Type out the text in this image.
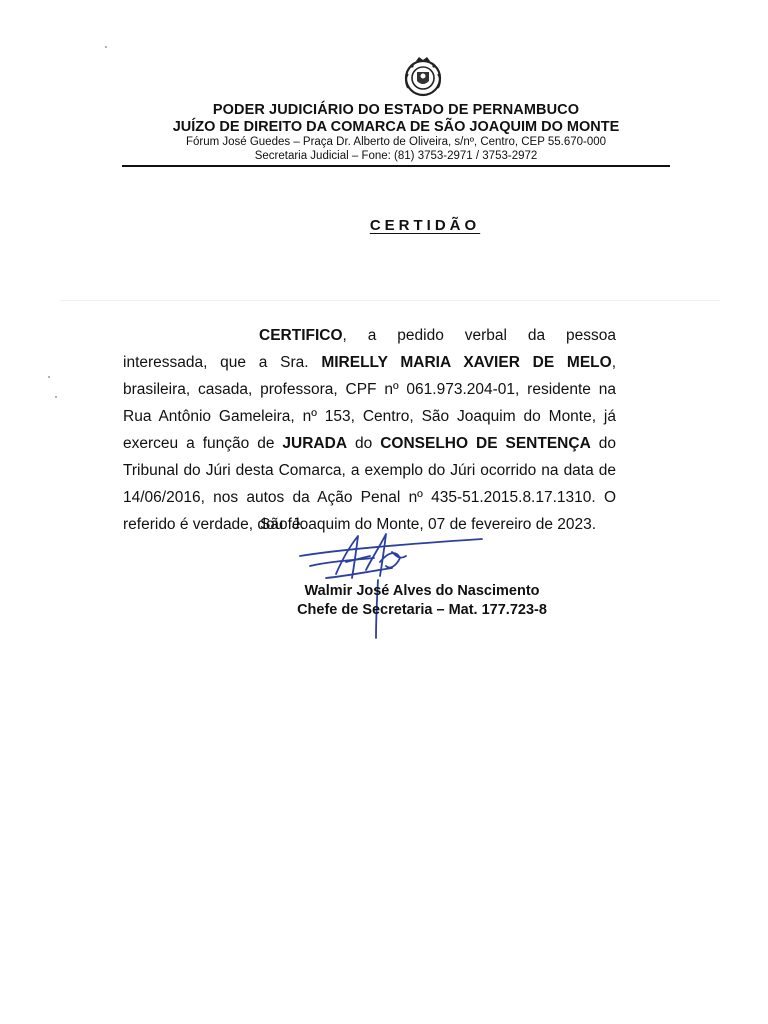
PODER JUDICIÁRIO DO ESTADO DE PERNAMBUCO
JUÍZO DE DIREITO DA COMARCA DE SÃO JOAQUIM DO MONTE
Fórum José Guedes – Praça Dr. Alberto de Oliveira, s/nº, Centro, CEP 55.670-000
Secretaria Judicial – Fone: (81) 3753-2971 / 3753-2972
CERTIDÃO
CERTIFICO, a pedido verbal da pessoa interessada, que a Sra. MIRELLY MARIA XAVIER DE MELO, brasileira, casada, professora, CPF nº 061.973.204-01, residente na Rua Antônio Gameleira, nº 153, Centro, São Joaquim do Monte, já exerceu a função de JURADA do CONSELHO DE SENTENÇA do Tribunal do Júri desta Comarca, a exemplo do Júri ocorrido na data de 14/06/2016, nos autos da Ação Penal nº 435-51.2015.8.17.1310. O referido é verdade, dou fé.
São Joaquim do Monte, 07 de fevereiro de 2023.
Walmir José Alves do Nascimento
Chefe de Secretaria – Mat. 177.723-8
